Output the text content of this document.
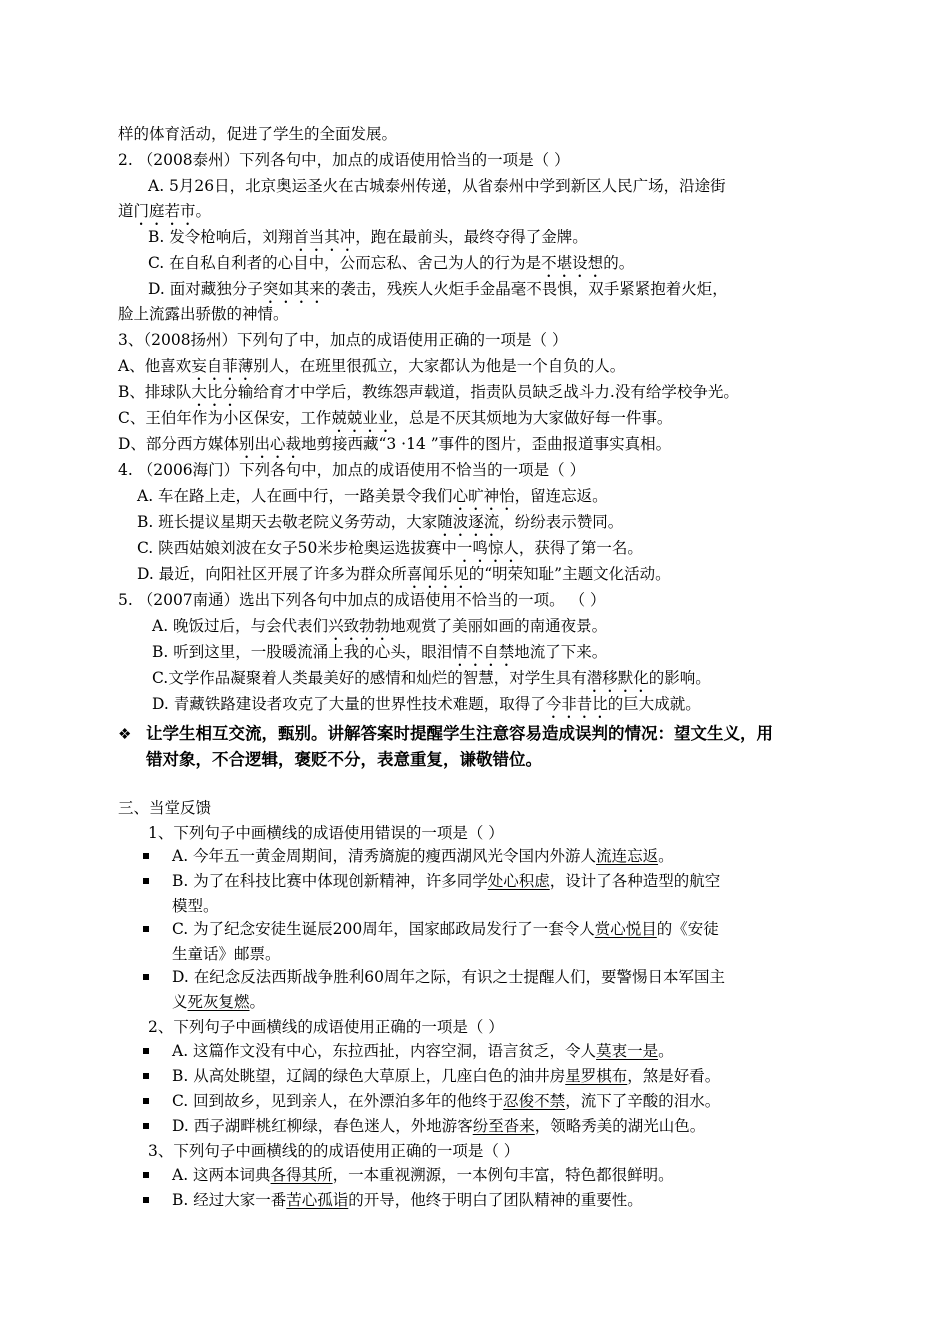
样的体育活动，促进了学生的全面发展。
2. （2008泰州）下列各句中，加点的成语使用恰当的一项是（ ）
A. 5月26日，北京奥运圣火在古城泰州传递，从省泰州中学到新区人民广场，沿途街
道门庭若市。
B. 发令枪响后，刘翔首当其冲，跑在最前头，最终夺得了金牌。
C. 在自私自利者的心目中，公而忘私、舍己为人的行为是不堪设想的。
D. 面对藏独分子突如其来的袭击，残疾人火炬手金晶毫不畏惧，双手紧紧抱着火炬，
脸上流露出骄傲的神情。
3、（2008扬州）下列句了中，加点的成语使用正确的一项是（ ）
A、他喜欢妄自菲薄别人，在班里很孤立，大家都认为他是一个自负的人。
B、排球队大比分输给育才中学后，教练怨声载道，指责队员缺乏战斗力.没有给学校争光。
C、王伯年作为小区保安，工作兢兢业业，总是不厌其烦地为大家做好每一件事。
D、部分西方媒体别出心裁地剪接西藏“3 ·14 ”事件的图片，歪曲报道事实真相。
4. （2006海门）下列各句中，加点的成语使用不恰当的一项是（ ）
A. 车在路上走，人在画中行，一路美景令我们心旷神怡，留连忘返。
B. 班长提议星期天去敬老院义务劳动，大家随波逐流，纷纷表示赞同。
C. 陕西姑娘刘波在女子50米步枪奥运选拔赛中一鸣惊人，获得了第一名。
D. 最近，向阳社区开展了许多为群众所喜闻乐见的“明荣知耻”主题文化活动。
5. （2007南通）选出下列各句中加点的成语使用不恰当的一项。 （ ）
A. 晚饭过后，与会代表们兴致勃勃地观赏了美丽如画的南通夜景。
B. 听到这里，一股暖流涌上我的心头，眼泪情不自禁地流了下来。
C.文学作品凝聚着人类最美好的感情和灿烂的智慧，对学生具有潜移默化的影响。
D. 青藏铁路建设者攻克了大量的世界性技术难题，取得了今非昔比的巨大成就。
❖ 让学生相互交流，甄别。讲解答案时提醒学生注意容易造成误判的情况：望文生义，用
错对象，不合逻辑，褒贬不分，表意重复，谦敬错位。
三、当堂反馈
1、下列句子中画横线的成语使用错误的一项是（ ）
A. 今年五一黄金周期间，清秀旖旎的瘦西湖风光令国内外游人流连忘返。
B. 为了在科技比赛中体现创新精神，许多同学处心积虑，设计了各种造型的航空
模型。
C. 为了纪念安徒生诞辰200周年，国家邮政局发行了一套令人赏心悦目的《安徒
生童话》邮票。
D. 在纪念反法西斯战争胜利60周年之际，有识之士提醒人们，要警惕日本军国主
义死灰复燃。
2、下列句子中画横线的成语使用正确的一项是（ ）
A. 这篇作文没有中心，东拉西扯，内容空洞，语言贫乏，令人莫衷一是。
B. 从高处眺望，辽阔的绿色大草原上，几座白色的油井房星罗棋布，煞是好看。
C. 回到故乡，见到亲人，在外漂泊多年的他终于忍俊不禁，流下了辛酸的泪水。
D. 西子湖畔桃红柳绿，春色迷人，外地游客纷至沓来，领略秀美的湖光山色。
3、下列句子中画横线的的成语使用正确的一项是（ ）
A. 这两本词典各得其所，一本重视溯源，一本例句丰富，特色都很鲜明。
B. 经过大家一番苦心孤诣的开导，他终于明白了团队精神的重要性。
